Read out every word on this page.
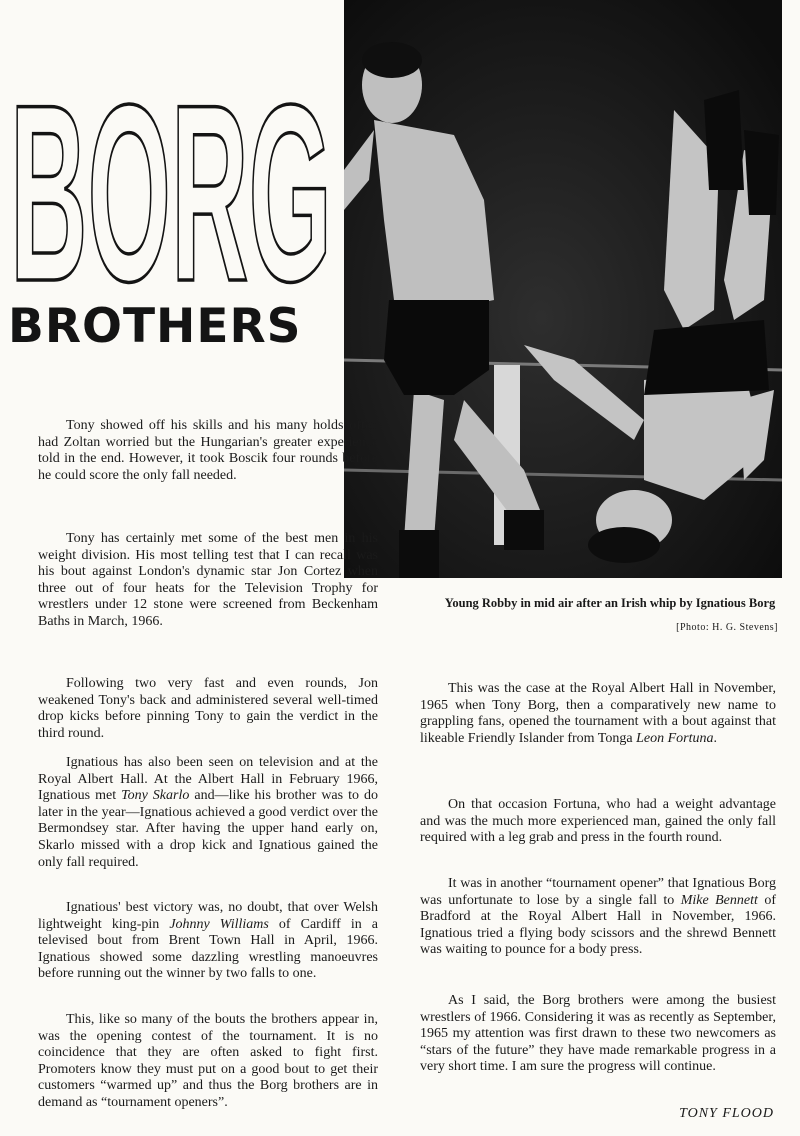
BORG
BROTHERS
Young Robby in mid air after an Irish whip by Ignatious Borg
[Photo: H. G. Stevens]

Tony showed off his skills and his many holds often had Zoltan worried but the Hungarian's greater experience told in the end. However, it took Boscik four rounds before he could score the only fall needed.

Tony has certainly met some of the best men in his weight division. His most telling test that I can recall was his bout against London's dynamic star Jon Cortez when three out of four heats for the Television Trophy for wrestlers under 12 stone were screened from Beckenham Baths in March, 1966.

Following two very fast and even rounds, Jon weakened Tony's back and administered several well-timed drop kicks before pinning Tony to gain the verdict in the third round.

Ignatious has also been seen on television and at the Royal Albert Hall. At the Albert Hall in February 1966, Ignatious met Tony Skarlo and—like his brother was to do later in the year—Ignatious achieved a good verdict over the Bermondsey star. After having the upper hand early on, Skarlo missed with a drop kick and Ignatious gained the only fall required.

Ignatious' best victory was, no doubt, that over Welsh lightweight king-pin Johnny Williams of Cardiff in a televised bout from Brent Town Hall in April, 1966. Ignatious showed some dazzling wrestling manoeuvres before running out the winner by two falls to one.

This, like so many of the bouts the brothers appear in, was the opening contest of the tournament. It is no coincidence that they are often asked to fight first. Promoters know they must put on a good bout to get their customers “warmed up” and thus the Borg brothers are in demand as “tournament openers”.

This was the case at the Royal Albert Hall in November, 1965 when Tony Borg, then a comparatively new name to grappling fans, opened the tournament with a bout against that likeable Friendly Islander from Tonga Leon Fortuna.

On that occasion Fortuna, who had a weight advantage and was the much more experienced man, gained the only fall required with a leg grab and press in the fourth round.

It was in another “tournament opener” that Ignatious Borg was unfortunate to lose by a single fall to Mike Bennett of Bradford at the Royal Albert Hall in November, 1966. Ignatious tried a flying body scissors and the shrewd Bennett was waiting to pounce for a body press.

As I said, the Borg brothers were among the busiest wrestlers of 1966. Considering it was as recently as September, 1965 my attention was first drawn to these two newcomers as “stars of the future” they have made remarkable progress in a very short time. I am sure the progress will continue.

TONY FLOOD
